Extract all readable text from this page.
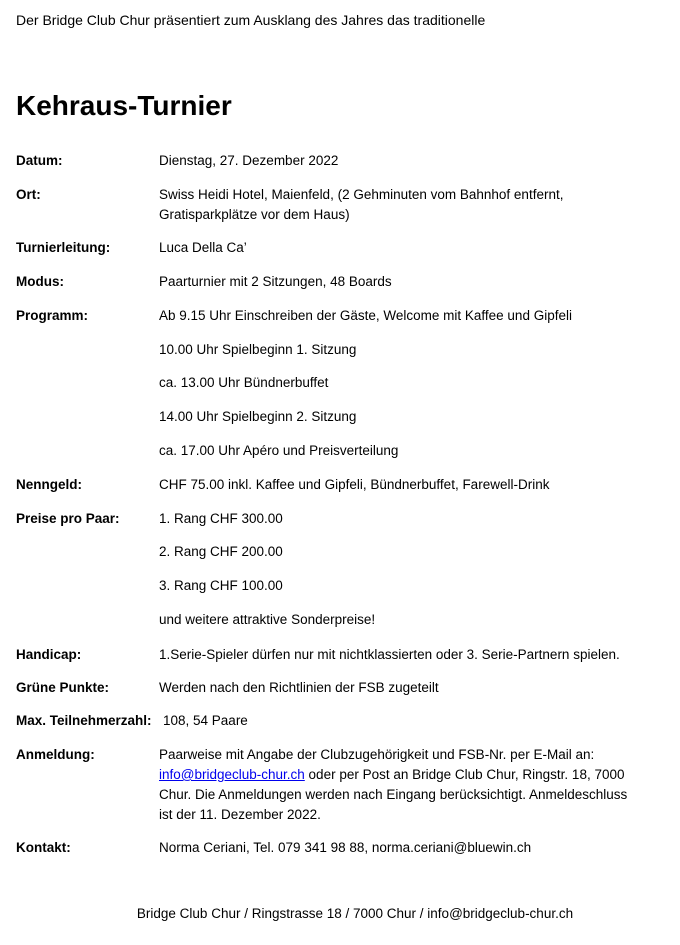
Der Bridge Club Chur präsentiert zum Ausklang des Jahres das traditionelle
Kehraus-Turnier
Datum:	Dienstag, 27. Dezember 2022
Ort:	Swiss Heidi Hotel, Maienfeld, (2 Gehminuten vom Bahnhof entfernt, Gratisparkplätze vor dem Haus)
Turnierleitung:	Luca Della Ca’
Modus:	Paarturnier mit 2 Sitzungen, 48 Boards
Programm:	Ab 9.15 Uhr Einschreiben der Gäste, Welcome mit Kaffee und Gipfeli
10.00 Uhr Spielbeginn 1. Sitzung
ca. 13.00 Uhr Bündnerbuffet
14.00 Uhr Spielbeginn 2. Sitzung
ca. 17.00 Uhr Apéro und Preisverteilung
Nenngeld:	CHF 75.00 inkl. Kaffee und Gipfeli, Bündnerbuffet, Farewell-Drink
Preise pro Paar:	1. Rang CHF 300.00
2. Rang CHF 200.00
3. Rang CHF 100.00
und weitere attraktive Sonderpreise!
Handicap:	1.Serie-Spieler dürfen nur mit nichtklassierten oder 3. Serie-Partnern spielen.
Grüne Punkte:	Werden nach den Richtlinien der FSB zugeteilt
Max. Teilnehmerzahl: 108, 54 Paare
Anmeldung:	Paarweise mit Angabe der Clubzugehörigkeit und FSB-Nr. per E-Mail an: info@bridgeclub-chur.ch oder per Post an Bridge Club Chur, Ringstr. 18, 7000 Chur. Die Anmeldungen werden nach Eingang berücksichtigt. Anmeldeschluss ist der 11. Dezember 2022.
Kontakt:	Norma Ceriani, Tel. 079 341 98 88, norma.ceriani@bluewin.ch
Bridge Club Chur / Ringstrasse 18 / 7000 Chur / info@bridgeclub-chur.ch
